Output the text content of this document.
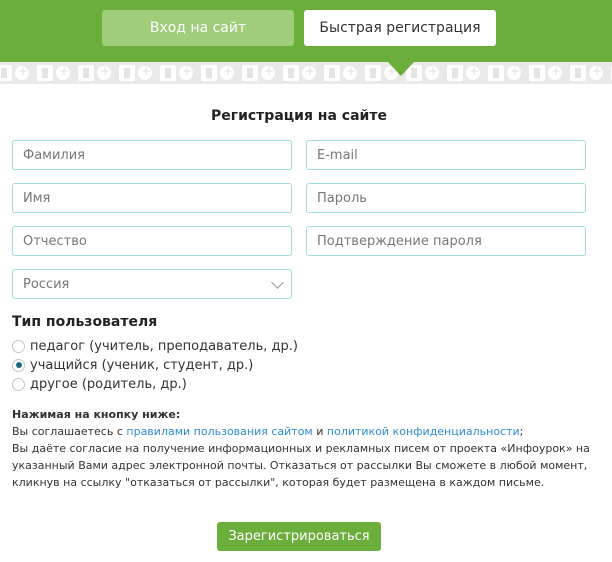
Вход на сайт	Быстрая регистрация
+
+
+
+
+
+
+
+
+
+
+
+
+
+
+
Регистрация на сайте
Фамилия	E-mail
Имя	Пароль
Отчество	Подтверждение пароля
Россия
Тип пользователя
педагог (учитель, преподаватель, др.)
учащийся (ученик, студент, др.)
другое (родитель, др.)
Нажимая на кнопку ниже:
Вы соглашаетесь с правилами пользования сайтом и политикой конфиденциальности;
Вы даёте согласие на получение информационных и рекламных писем от проекта «Инфоурок» на указанный Вами адрес электронной почты. Отказаться от рассылки Вы сможете в любой момент, кликнув на ссылку "отказаться от рассылки", которая будет размещена в каждом письме.
Зарегистрироваться
